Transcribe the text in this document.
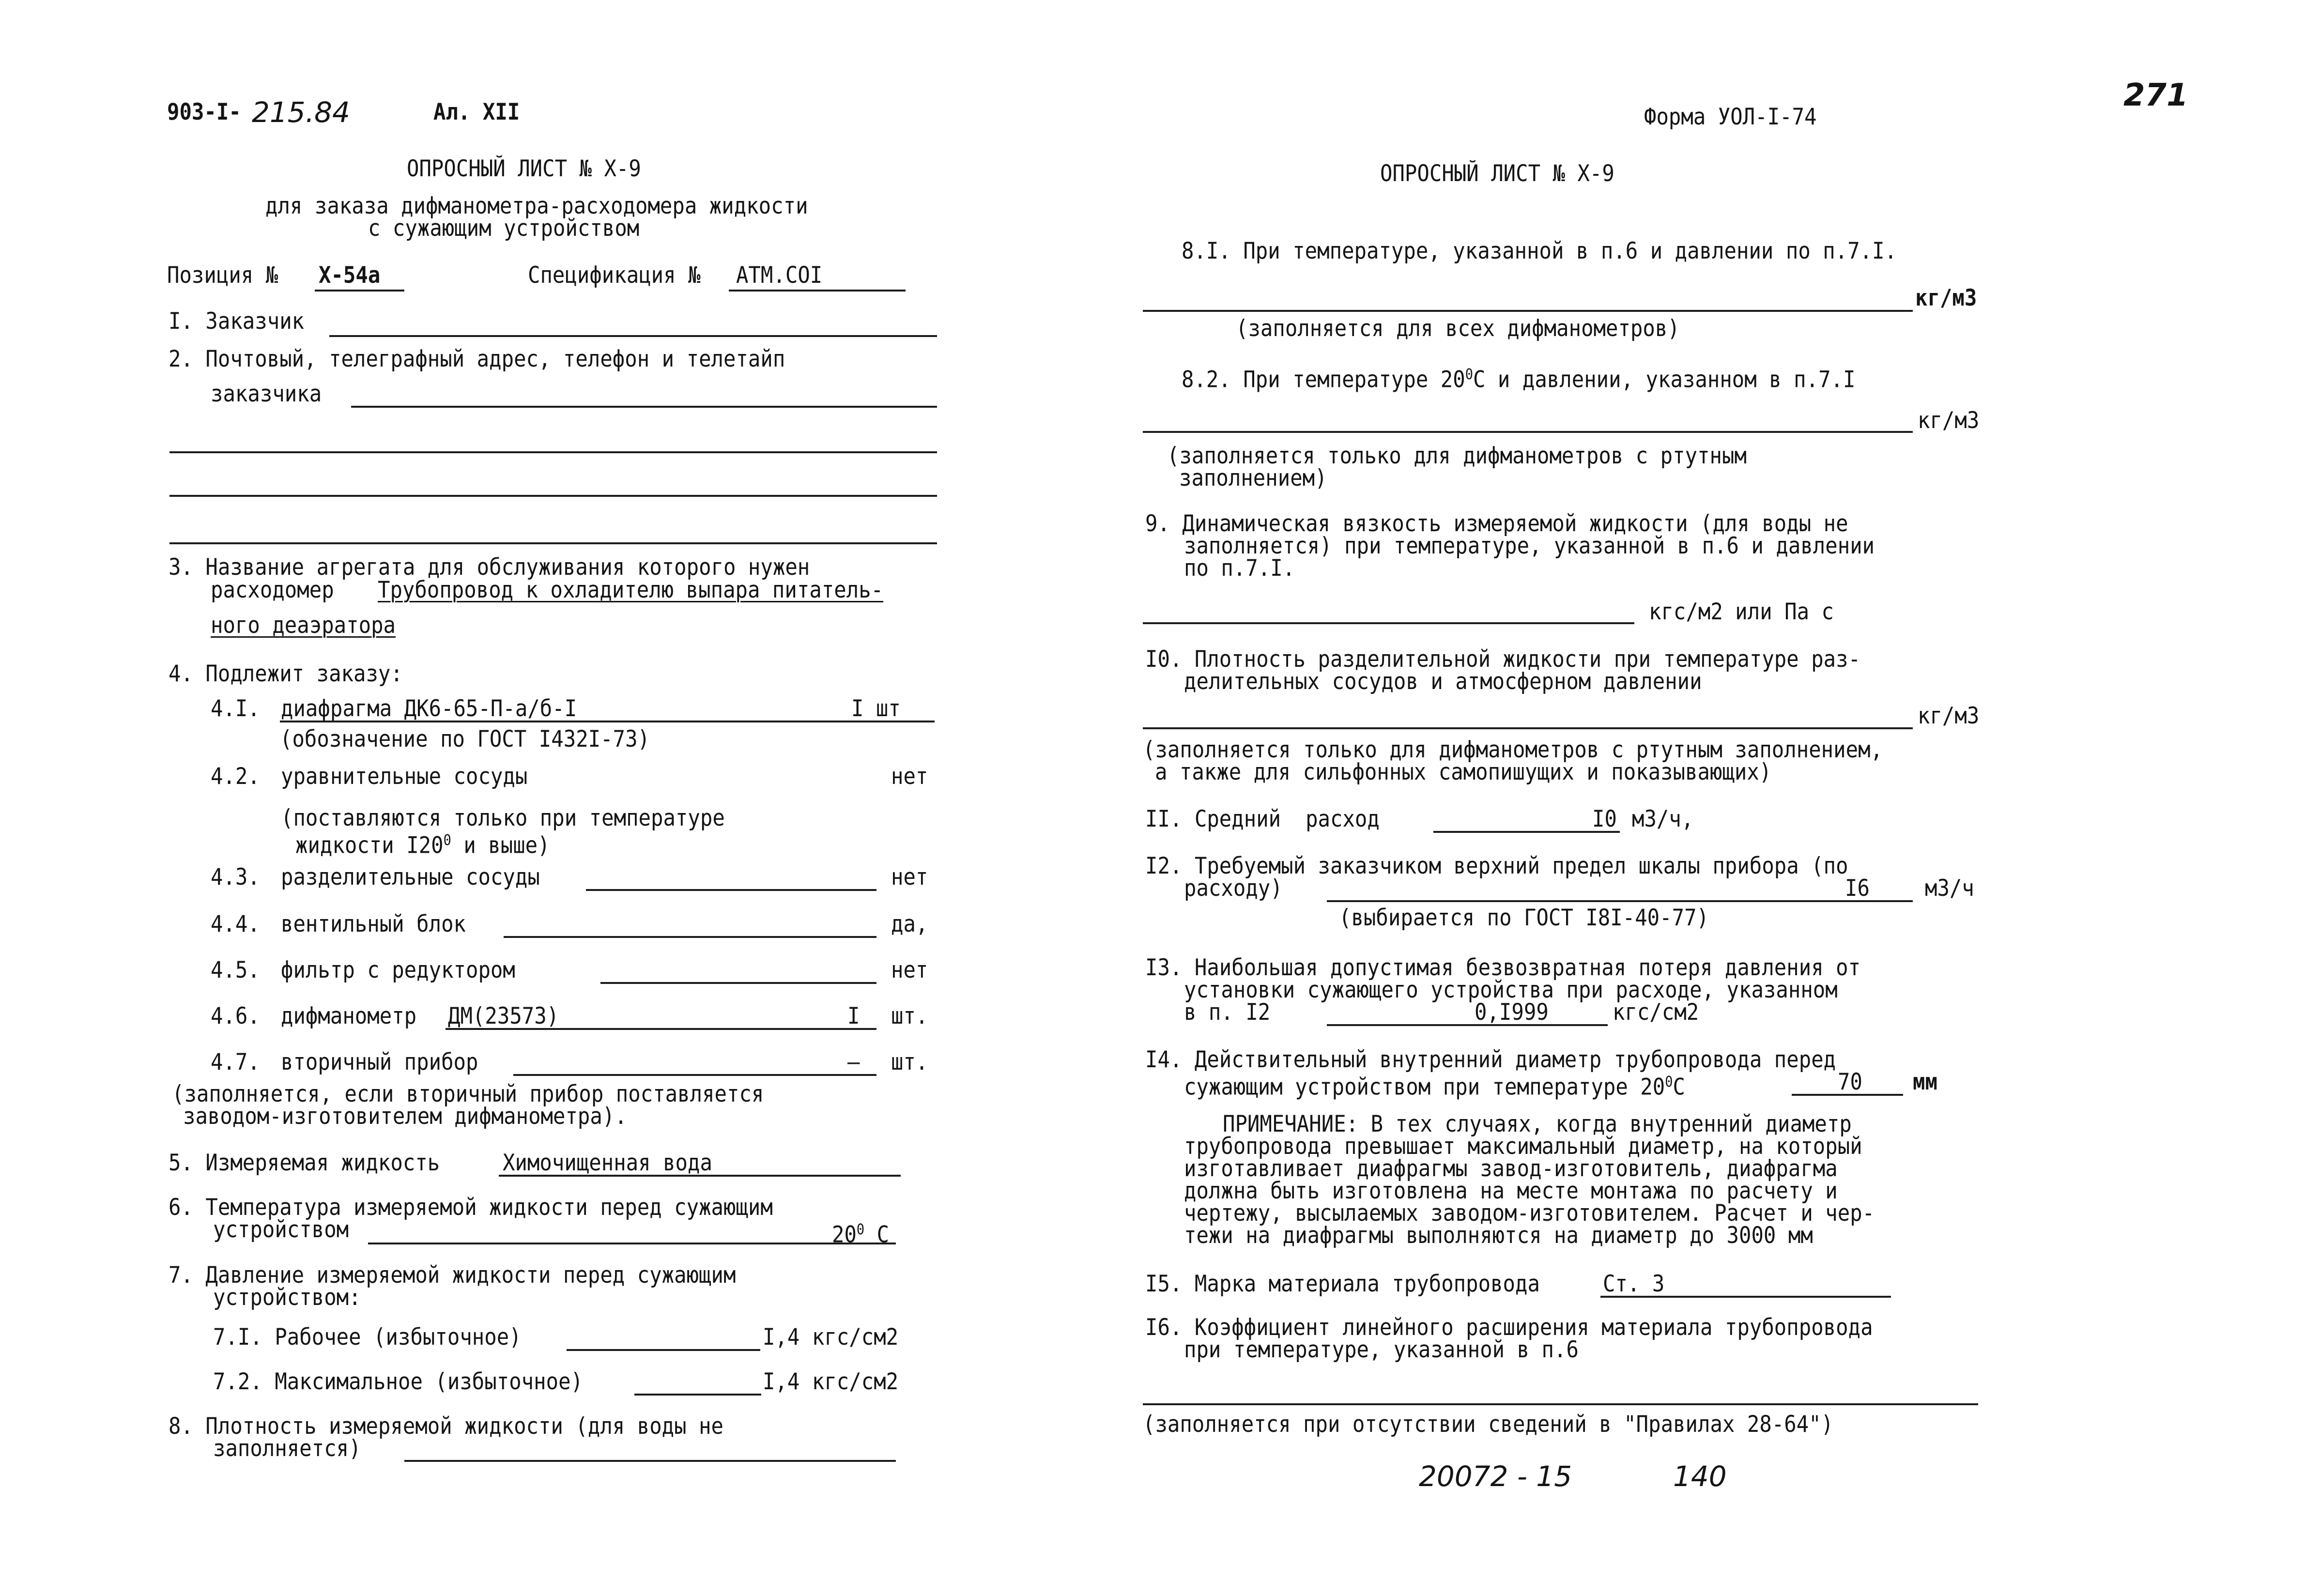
903-I- 215.84	Ал. XII
ОПРОСНЫЙ ЛИСТ № X-9
для заказа дифманометра-расходомера жидкости
с сужающим устройством
Позиция № X-54а	Спецификация № АТМ.СОI
I. Заказчик
2. Почтовый, телеграфный адрес, телефон и телетайп
заказчика
3. Название агрегата для обслуживания которого нужен
расходомер Трубопровод к охладителю выпара питатель-
ного деаэратора
4. Подлежит заказу:
4.I. диафрагма ДК6-65-П-а/б-I	I шт
(обозначение по ГОСТ I432I-73)
4.2. уравнительные сосуды	нет
(поставляются только при температуре
жидкости $I20^0$ и выше)
4.3. разделительные сосуды	нет
4.4. вентильный блок	да,
4.5. фильтр с редуктором	нет
4.6. дифманометр ДМ(23573)	I шт.
4.7. вторичный прибор	– шт.
(заполняется, если вторичный прибор поставляется
заводом-изготовителем дифманометра).
5. Измеряемая жидкость	Химочищенная вода
6. Температура измеряемой жидкости перед сужающим
устройством	$20^0$ С
7. Давление измеряемой жидкости перед сужающим
устройством:
7.I. Рабочее (избыточное)	I,4 кгс/см2
7.2. Максимальное (избыточное)	I,4 кгс/см2
8. Плотность измеряемой жидкости (для воды не
заполняется)
271
Форма УОЛ-I-74
ОПРОСНЫЙ ЛИСТ № X-9
8.I. При температуре, указанной в п.6 и давлении по п.7.I.
кг/м3
(заполняется для всех дифманометров)
8.2. При температуре $20^0С$ и давлении, указанном в п.7.I
кг/м3
(заполняется только для дифманометров с ртутным
заполнением)
9. Динамическая вязкость измеряемой жидкости (для воды не
заполняется) при температуре, указанной в п.6 и давлении
по п.7.I.
кгс/м2 или Па с
I0. Плотность разделительной жидкости при температуре раз-
делительных сосудов и атмосферном давлении
кг/м3
(заполняется только для дифманометров с ртутным заполнением,
а также для сильфонных самопишущих и показывающих)
II. Средний  расход	I0 м3/ч,
I2. Требуемый заказчиком верхний предел шкалы прибора (по
расходу)	I6 м3/ч
(выбирается по ГОСТ I8I-40-77)
I3. Наибольшая допустимая безвозвратная потеря давления от
установки сужающего устройства при расходе, указанном
в п. I2	0,I999	кгс/см2
I4. Действительный внутренний диаметр трубопровода перед
сужающим устройством при температуре $20^0С$	70 мм
ПРИМЕЧАНИЕ: В тех случаях, когда внутренний диаметр
трубопровода превышает максимальный диаметр, на который
изготавливает диафрагмы завод-изготовитель, диафрагма
должна быть изготовлена на месте монтажа по расчету и
чертежу, высылаемых заводом-изготовителем. Расчет и чер-
тежи на диафрагмы выполняются на диаметр до 3000 мм
I5. Марка материала трубопровода	Ст. 3
I6. Коэффициент линейного расширения материала трубопровода
при температуре, указанной в п.6
(заполняется при отсутствии сведений в "Правилах 28-64")
20072 - 15	140
